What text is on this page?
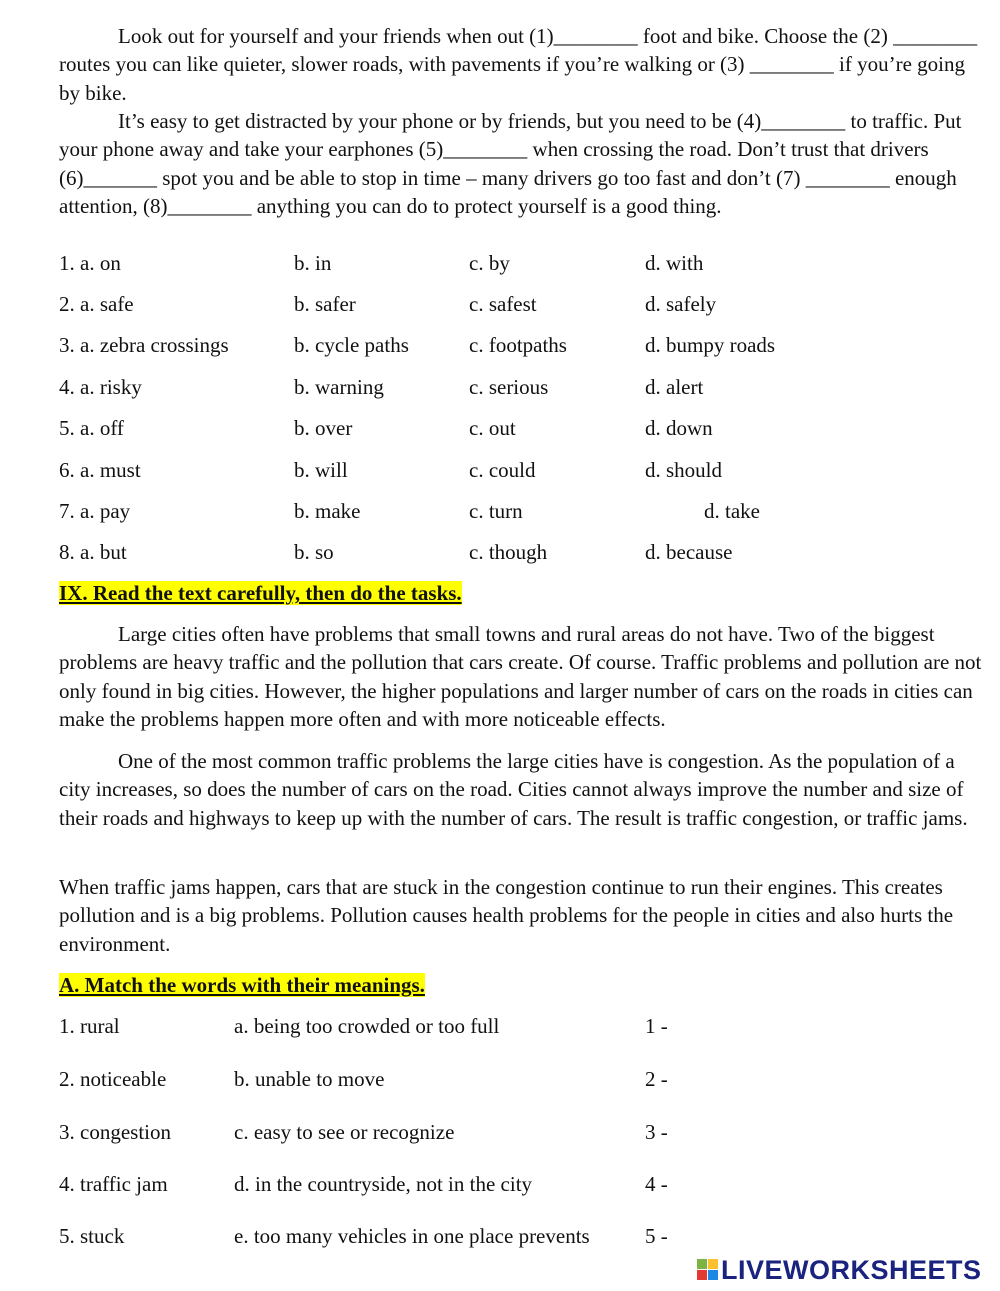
Look out for yourself and your friends when out (1)________ foot and bike. Choose the (2) ________ routes you can like quieter, slower roads, with pavements if you’re walking or (3) ________ if you’re going by bike.

It’s easy to get distracted by your phone or by friends, but you need to be (4)________ to traffic. Put your phone away and take your earphones (5)________ when crossing the road. Don’t trust that drivers (6)_______ spot you and be able to stop in time – many drivers go too fast and don’t (7) ________ enough attention, (8)________ anything you can do to protect yourself is a good thing.

1. a. on	b. in	c. by	d. with
2. a. safe	b. safer	c. safest	d. safely
3. a. zebra crossings	b. cycle paths	c. footpaths	d. bumpy roads
4. a. risky	b. warning	c. serious	d. alert
5. a. off	b. over	c. out	d. down
6. a. must	b. will	c. could	d. should
7. a. pay	b. make	c. turn	d. take
8. a. but	b. so	c. though	d. because
IX. Read the text carefully, then do the tasks.

Large cities often have problems that small towns and rural areas do not have. Two of the biggest problems are heavy traffic and the pollution that cars create. Of course. Traffic problems and pollution are not only found in big cities. However, the higher populations and larger number of cars on the roads in cities can make the problems happen more often and with more noticeable effects.

One of the most common traffic problems the large cities have is congestion. As the population of a city increases, so does the number of cars on the road. Cities cannot always improve the number and size of their roads and highways to keep up with the number of cars. The result is traffic congestion, or traffic jams.

When traffic jams happen, cars that are stuck in the congestion continue to run their engines. This creates pollution and is a big problems. Pollution causes health problems for the people in cities and also hurts the environment.

A. Match the words with their meanings.
1. rural	a. being too crowded or too full	1 -
2. noticeable	b. unable to move	2 -
3. congestion	c. easy to see or recognize	3 -
4. traffic jam	d. in the countryside, not in the city	4 -
5. stuck	e. too many vehicles in one place prevents	5 -
LIVEWORKSHEETS
